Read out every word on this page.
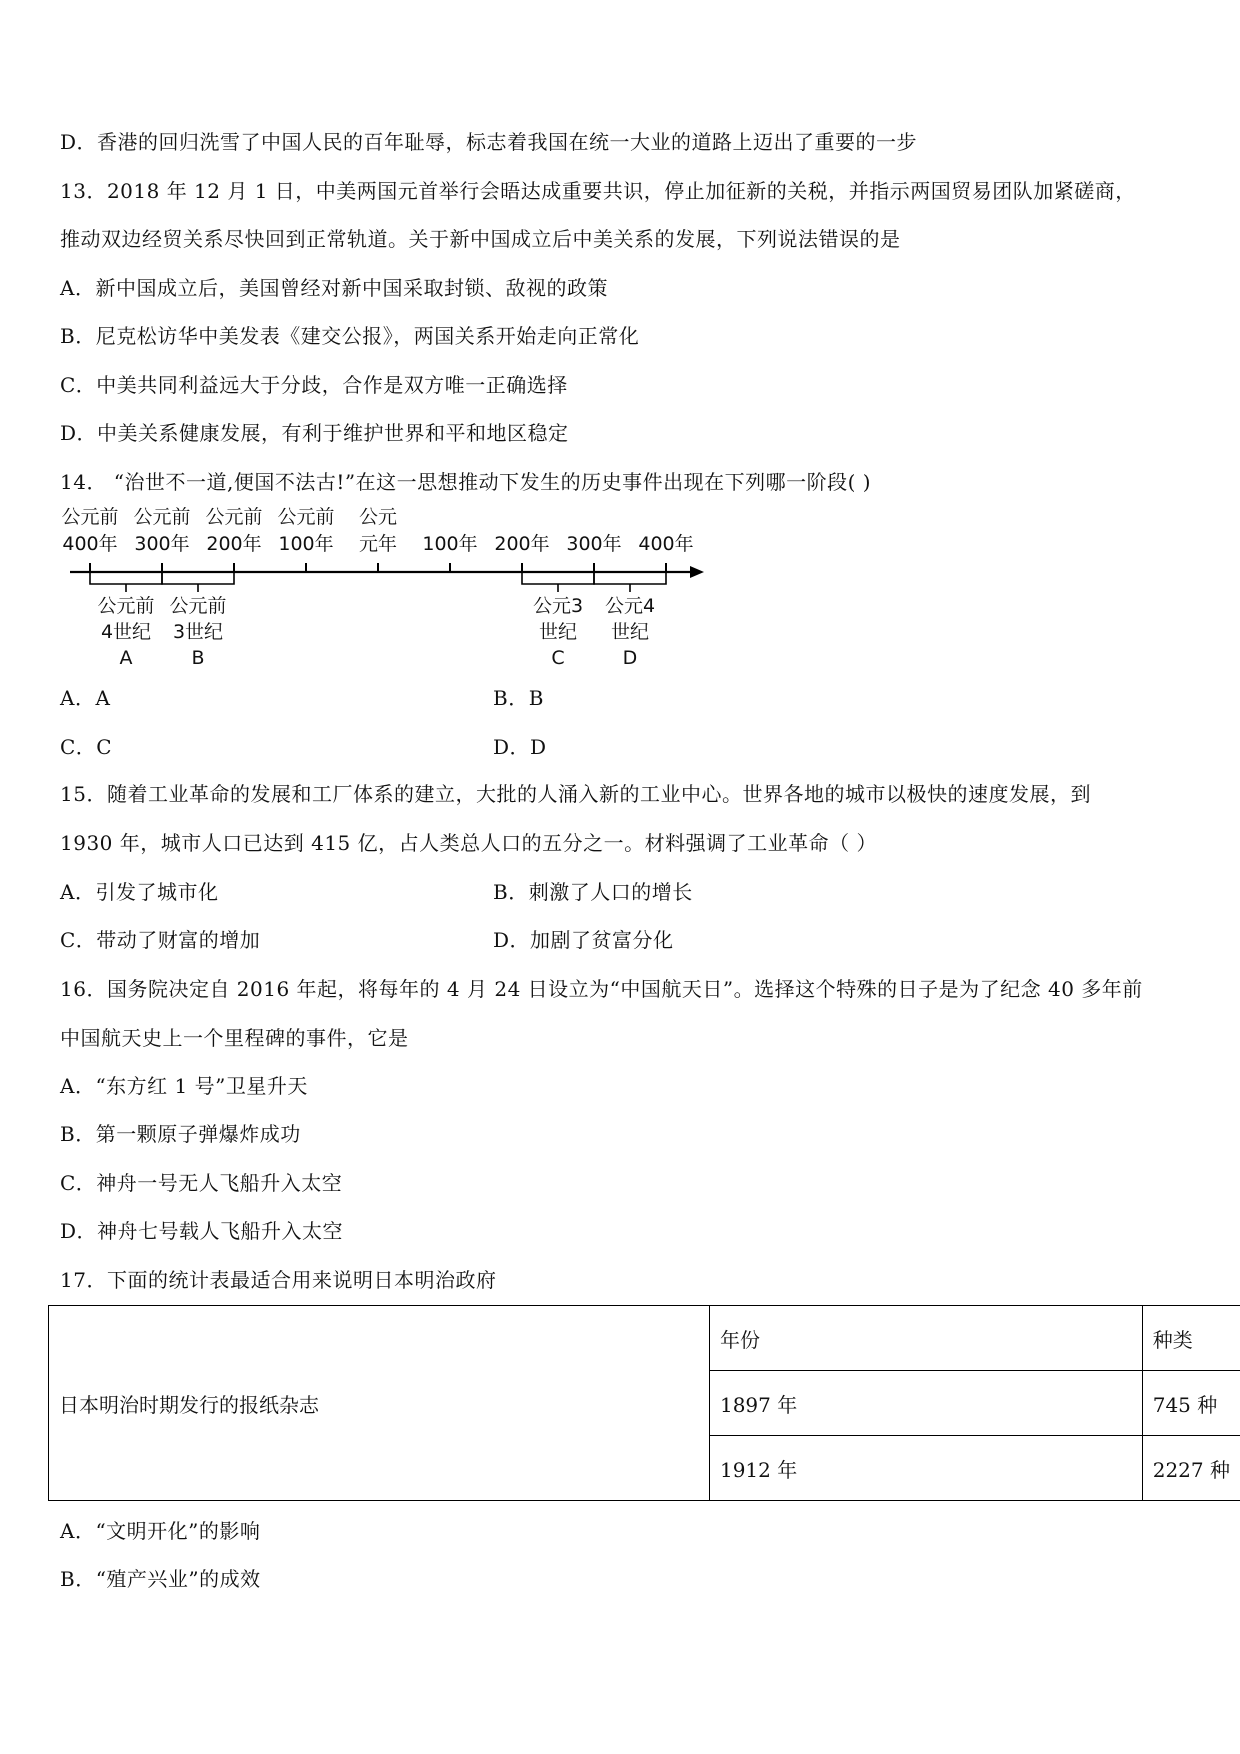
D．香港的回归洗雪了中国人民的百年耻辱，标志着我国在统一大业的道路上迈出了重要的一步
13．2018 年 12 月 1 日，中美两国元首举行会晤达成重要共识，停止加征新的关税，并指示两国贸易团队加紧磋商，
推动双边经贸关系尽快回到正常轨道。关于新中国成立后中美关系的发展，下列说法错误的是
A．新中国成立后，美国曾经对新中国采取封锁、敌视的政策
B．尼克松访华中美发表《建交公报》，两国关系开始走向正常化
C．中美共同利益远大于分歧，合作是双方唯一正确选择
D．中美关系健康发展，有利于维护世界和平和地区稳定
14． “治世不一道,便国不法古!”在这一思想推动下发生的历史事件出现在下列哪一阶段( )
公元前
400年
公元前
300年
公元前
200年
公元前
100年
公元
元年 100年 200年 300年 400年
公元前
4世纪
A
公元前
3世纪
B
公元3
世纪
C
公元4
世纪
D
A．A	B．B
C．C	D．D
15．随着工业革命的发展和工厂体系的建立，大批的人涌入新的工业中心。世界各地的城市以极快的速度发展，到
1930 年，城市人口已达到 415 亿，占人类总人口的五分之一。材料强调了工业革命（ ）
A．引发了城市化	B．刺激了人口的增长
C．带动了财富的增加	D．加剧了贫富分化
16．国务院决定自 2016 年起，将每年的 4 月 24 日设立为“中国航天日”。选择这个特殊的日子是为了纪念 40 多年前
中国航天史上一个里程碑的事件，它是
A．“东方红 1 号”卫星升天
B．第一颗原子弹爆炸成功
C．神舟一号无人飞船升入太空
D．神舟七号载人飞船升入太空
17．下面的统计表最适合用来说明日本明治政府
日本明治时期发行的报纸杂志	年份	种类
	1897 年	745 种
	1912 年	2227 种
A．“文明开化”的影响
B．“殖产兴业”的成效
